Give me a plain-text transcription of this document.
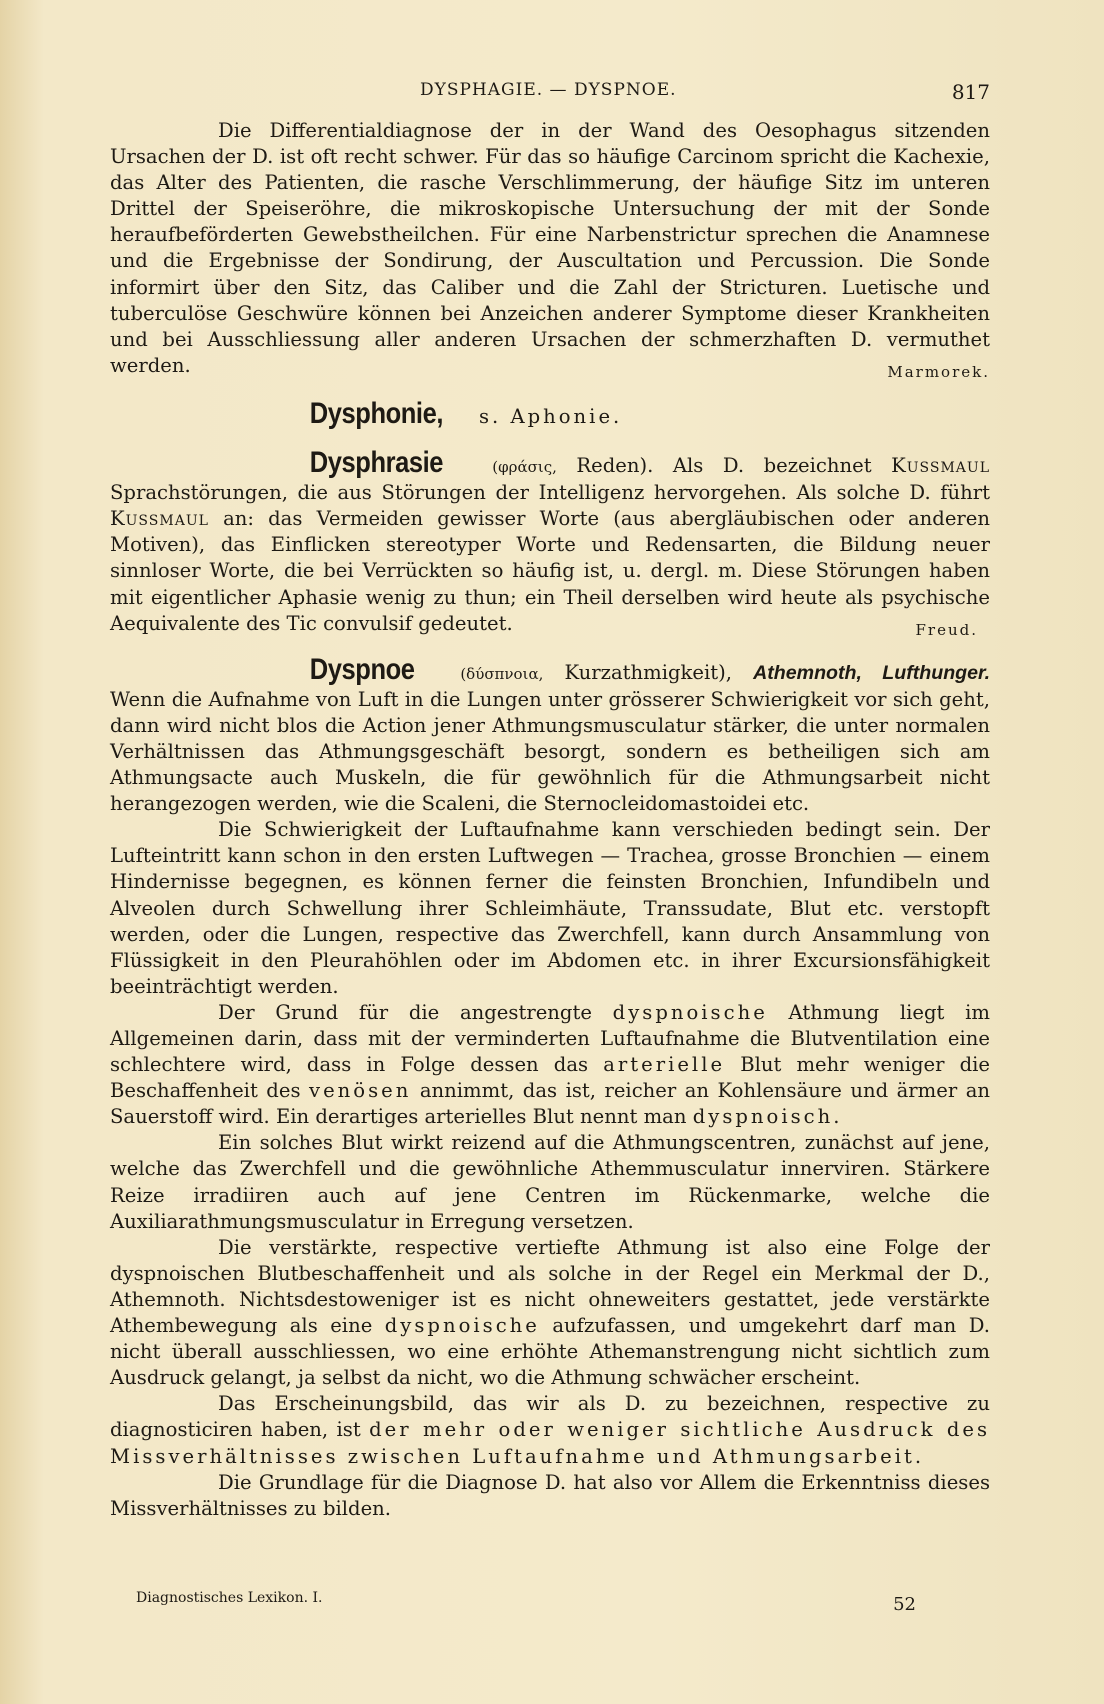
DYSPHAGIE. — DYSPNOE.	817

Die Differentialdiagnose der in der Wand des Oesophagus sitzenden Ursachen der D. ist oft recht schwer. Für das so häufige Carcinom spricht die Kachexie, das Alter des Patienten, die rasche Verschlimmerung, der häufige Sitz im unteren Drittel der Speiseröhre, die mikroskopische Untersuchung der mit der Sonde heraufbeförderten Gewebstheilchen. Für eine Narbenstrictur sprechen die Anamnese und die Ergebnisse der Sondirung, der Auscultation und Percussion. Die Sonde informirt über den Sitz, das Caliber und die Zahl der Stricturen. Luetische und tuberculöse Geschwüre können bei Anzeichen anderer Symptome dieser Krankheiten und bei Ausschliessung aller anderen Ursachen der schmerzhaften D. vermuthet werden.	Marmorek.

Dysphonie, s. Aphonie.

Dysphrasie	(φράσις, Reden). Als D. bezeichnet Kussmaul Sprachstörungen, die aus Störungen der Intelligenz hervorgehen. Als solche D. führt Kussmaul an: das Vermeiden gewisser Worte (aus abergläubischen oder anderen Motiven), das Einflicken stereotyper Worte und Redensarten, die Bildung neuer sinnloser Worte, die bei Verrückten so häufig ist, u. dergl. m. Diese Störungen haben mit eigentlicher Aphasie wenig zu thun; ein Theil derselben wird heute als psychische Aequivalente des Tic convulsif gedeutet.	Freud.

Dyspnoe	(δύσπνοια, Kurzathmigkeit), Athemnoth, Lufthunger. Wenn die Aufnahme von Luft in die Lungen unter grösserer Schwierigkeit vor sich geht, dann wird nicht blos die Action jener Athmungsmusculatur stärker, die unter normalen Verhältnissen das Athmungsgeschäft besorgt, sondern es betheiligen sich am Athmungsacte auch Muskeln, die für gewöhnlich für die Athmungsarbeit nicht herangezogen werden, wie die Scaleni, die Sternocleidomastoidei etc.

Die Schwierigkeit der Luftaufnahme kann verschieden bedingt sein. Der Lufteintritt kann schon in den ersten Luftwegen — Trachea, grosse Bronchien — einem Hindernisse begegnen, es können ferner die feinsten Bronchien, Infundibeln und Alveolen durch Schwellung ihrer Schleimhäute, Transsudate, Blut etc. verstopft werden, oder die Lungen, respective das Zwerchfell, kann durch Ansammlung von Flüssigkeit in den Pleurahöhlen oder im Abdomen etc. in ihrer Excursionsfähigkeit beeinträchtigt werden.

Der Grund für die angestrengte dyspnoische Athmung liegt im Allgemeinen darin, dass mit der verminderten Luftaufnahme die Blutventilation eine schlechtere wird, dass in Folge dessen das arterielle Blut mehr weniger die Beschaffenheit des venösen annimmt, das ist, reicher an Kohlensäure und ärmer an Sauerstoff wird. Ein derartiges arterielles Blut nennt man dyspnoisch.

Ein solches Blut wirkt reizend auf die Athmungscentren, zunächst auf jene, welche das Zwerchfell und die gewöhnliche Athemmusculatur innerviren. Stärkere Reize irradiiren auch auf jene Centren im Rückenmarke, welche die Auxiliarathmungsmusculatur in Erregung versetzen.

Die verstärkte, respective vertiefte Athmung ist also eine Folge der dyspnoischen Blutbeschaffenheit und als solche in der Regel ein Merkmal der D., Athemnoth. Nichtsdestoweniger ist es nicht ohneweiters gestattet, jede verstärkte Athembewegung als eine dyspnoische aufzufassen, und umgekehrt darf man D. nicht überall ausschliessen, wo eine erhöhte Athemanstrengung nicht sichtlich zum Ausdruck gelangt, ja selbst da nicht, wo die Athmung schwächer erscheint.

Das Erscheinungsbild, das wir als D. zu bezeichnen, respective zu diagnosticiren haben, ist der mehr oder weniger sichtliche Ausdruck des Missverhältnisses zwischen Luftaufnahme und Athmungsarbeit.

Die Grundlage für die Diagnose D. hat also vor Allem die Erkenntniss dieses Missverhältnisses zu bilden.

Diagnostisches Lexikon. I.	52
